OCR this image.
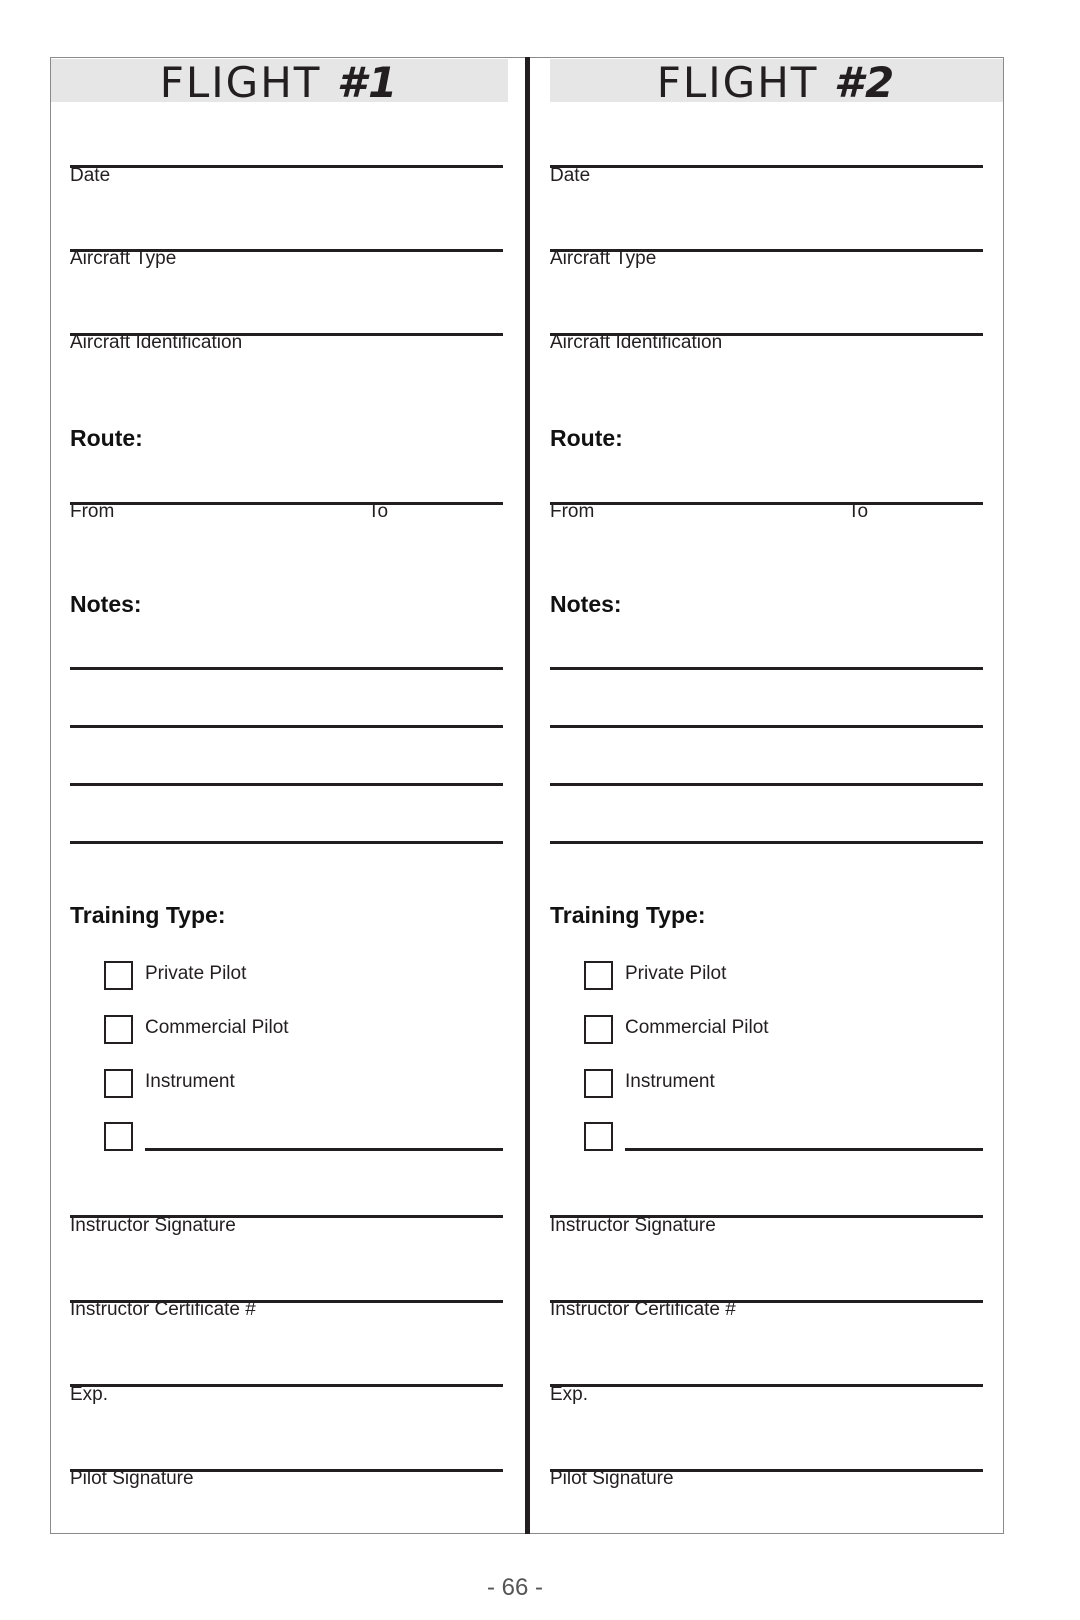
FLIGHT #1
Date
Aircraft Type
Aircraft Identification
Route:
From	To
Notes:
Training Type:
Private Pilot
Commercial Pilot
Instrument
Instructor Signature
Instructor Certificate #
Exp.
Pilot Signature
FLIGHT #2
Date
Aircraft Type
Aircraft Identification
Route:
From	To
Notes:
Training Type:
Private Pilot
Commercial Pilot
Instrument
Instructor Signature
Instructor Certificate #
Exp.
Pilot Signature
- 66 -
